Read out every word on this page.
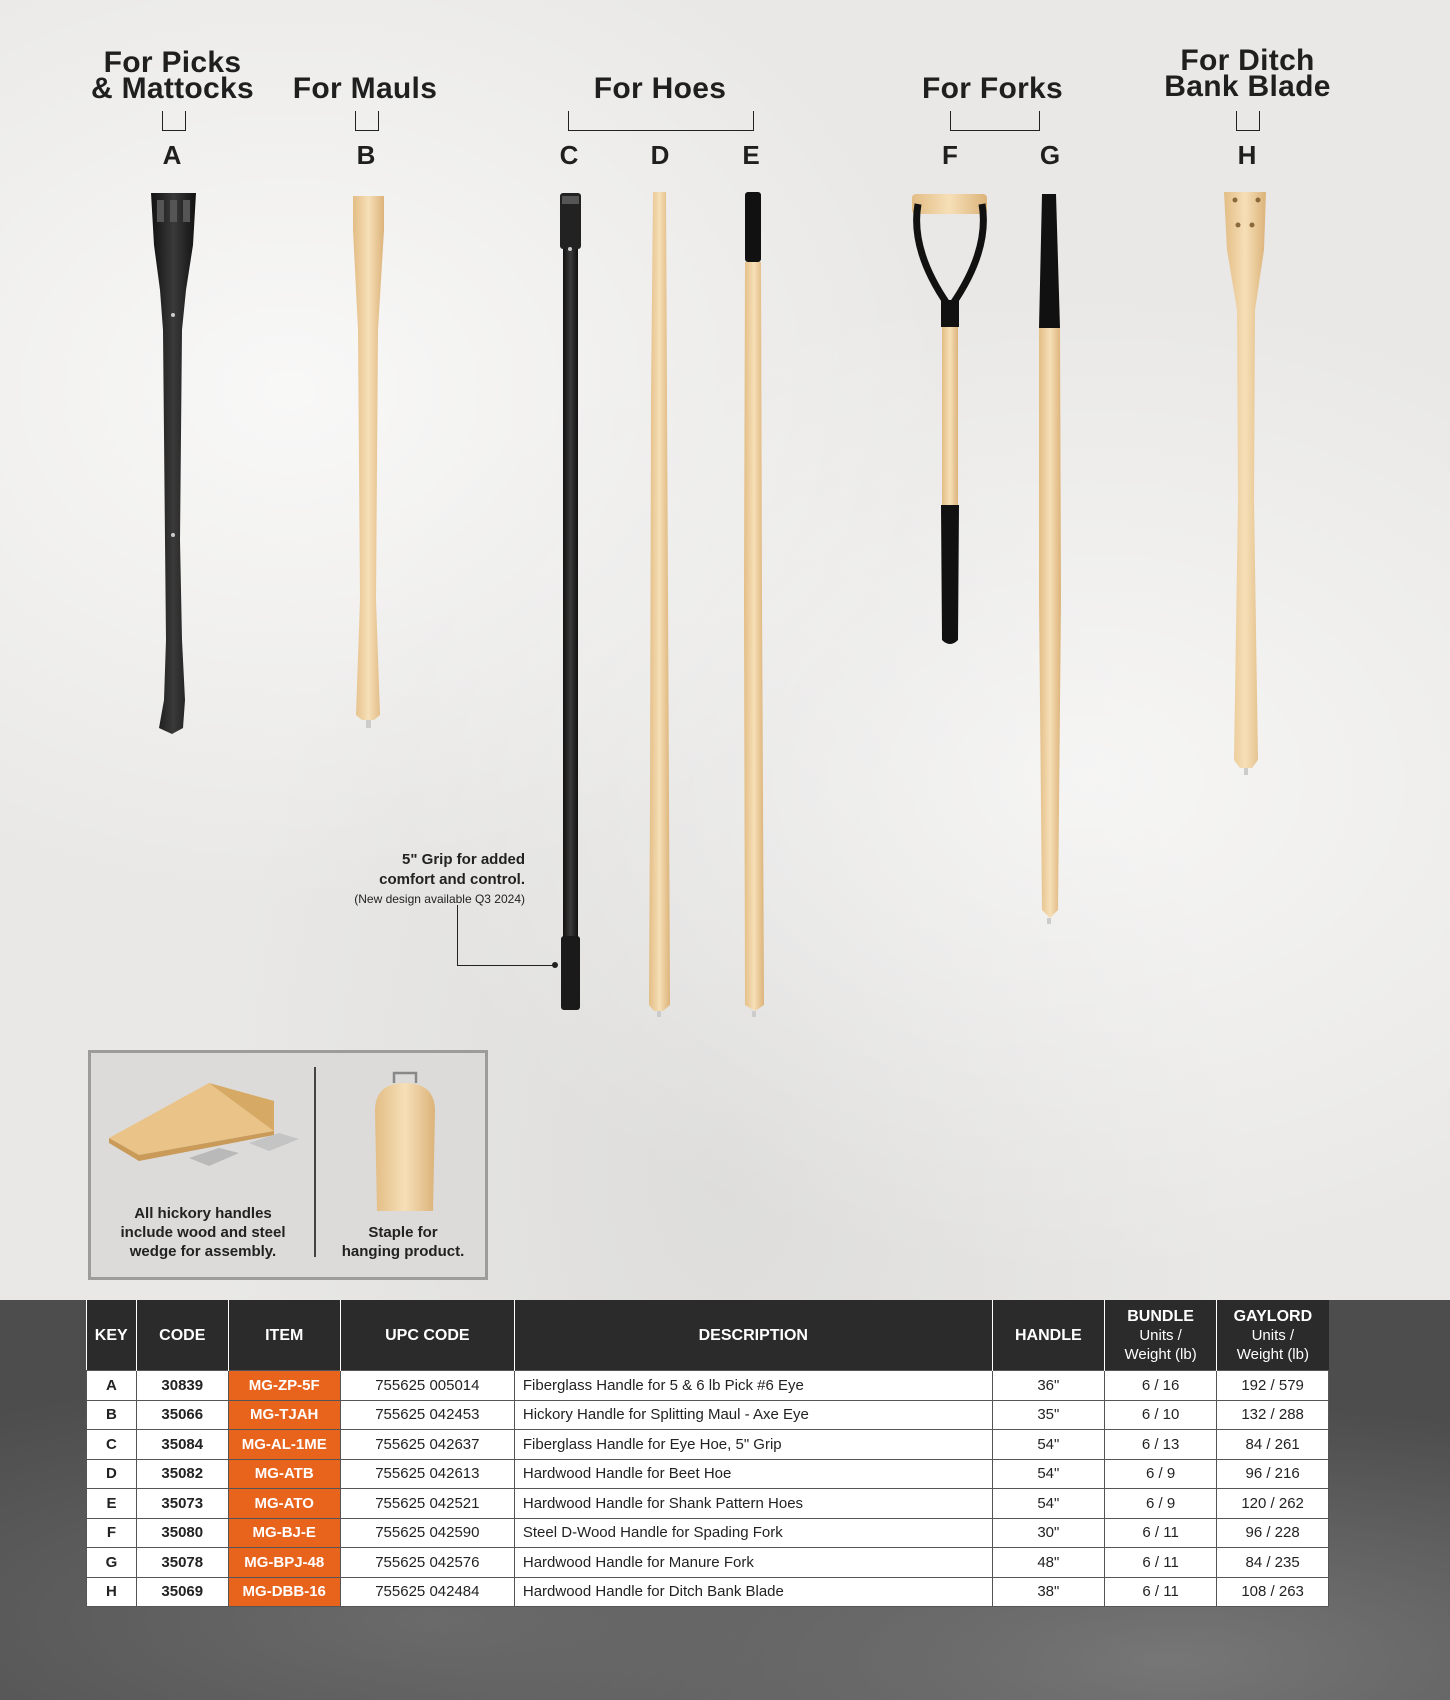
For Picks
& Mattocks	For Mauls	For Hoes	For Forks
For Ditch
Bank Blade
A	B	C	D	E	F	G	H
5" Grip for added
comfort and control.
(New design available Q3 2024)
All hickory handles
include wood and steel
wedge for assembly.
Staple for
hanging product.
KEY	CODE	ITEM	UPC CODE	DESCRIPTION	HANDLE	BUNDLE
Units /
Weight (lb)	GAYLORD
Units /
Weight (lb)

A	30839	MG-ZP-5F	755625 005014	Fiberglass Handle for 5 & 6 lb Pick #6 Eye	36"	6 / 16	192 / 579
B	35066	MG-TJAH	755625 042453	Hickory Handle for Splitting Maul - Axe Eye	35"	6 / 10	132 / 288
C	35084	MG-AL-1ME	755625 042637	Fiberglass Handle for Eye Hoe, 5" Grip	54"	6 / 13	84 / 261
D	35082	MG-ATB	755625 042613	Hardwood Handle for Beet Hoe	54"	6 / 9	96 / 216
E	35073	MG-ATO	755625 042521	Hardwood Handle for Shank Pattern Hoes	54"	6 / 9	120 / 262
F	35080	MG-BJ-E	755625 042590	Steel D-Wood Handle for Spading Fork	30"	6 / 11	96 / 228
G	35078	MG-BPJ-48	755625 042576	Hardwood Handle for Manure Fork	48"	6 / 11	84 / 235
H	35069	MG-DBB-16	755625 042484	Hardwood Handle for Ditch Bank Blade	38"	6 / 11	108 / 263
